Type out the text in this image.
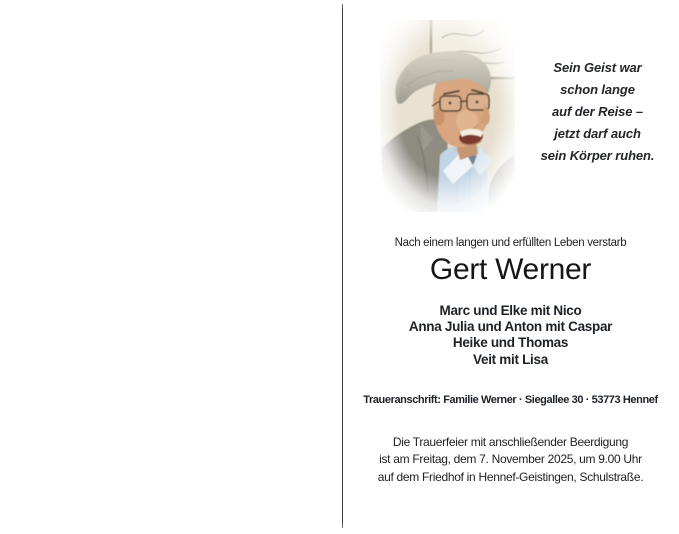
Sein Geist war
schon lange
auf der Reise –
jetzt darf auch
sein Körper ruhen.
Nach einem langen und erfüllten Leben verstarb
Gert Werner
Marc und Elke mit Nico
Anna Julia und Anton mit Caspar
Heike und Thomas
Veit mit Lisa
Traueranschrift: Familie Werner · Siegallee 30 · 53773 Hennef
Die Trauerfeier mit anschließender Beerdigung
ist am Freitag, dem 7. November 2025, um 9.00 Uhr
auf dem Friedhof in Hennef-Geistingen, Schulstraße.
